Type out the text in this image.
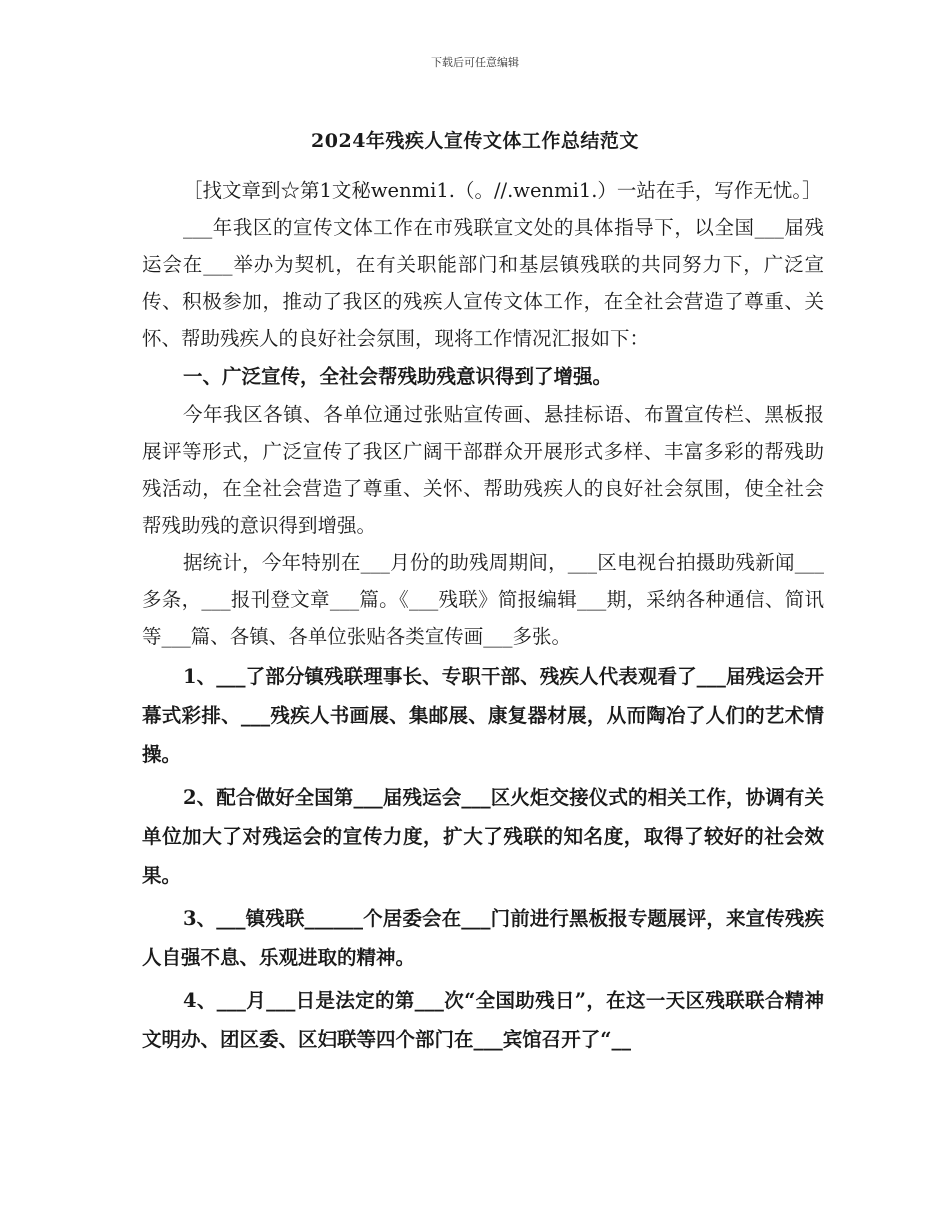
下载后可任意编辑
2024年残疾人宣传文体工作总结范文

［找文章到☆第1文秘wenmi1.（。//.wenmi1.）一站在手，写作无忧。］

___年我区的宣传文体工作在市残联宣文处的具体指导下，以全国___届残运会在___举办为契机，在有关职能部门和基层镇残联的共同努力下，广泛宣传、积极参加，推动了我区的残疾人宣传文体工作，在全社会营造了尊重、关怀、帮助残疾人的良好社会氛围，现将工作情况汇报如下：

一、广泛宣传，全社会帮残助残意识得到了增强。

今年我区各镇、各单位通过张贴宣传画、悬挂标语、布置宣传栏、黑板报展评等形式，广泛宣传了我区广阔干部群众开展形式多样、丰富多彩的帮残助残活动，在全社会营造了尊重、关怀、帮助残疾人的良好社会氛围，使全社会帮残助残的意识得到增强。

据统计，今年特别在___月份的助残周期间，___区电视台拍摄助残新闻___多条，___报刊登文章___篇。《___残联》简报编辑___期，采纳各种通信、简讯等___篇、各镇、各单位张贴各类宣传画___多张。

1、___了部分镇残联理事长、专职干部、残疾人代表观看了___届残运会开幕式彩排、___残疾人书画展、集邮展、康复器材展，从而陶冶了人们的艺术情操。

2、配合做好全国第___届残运会___区火炬交接仪式的相关工作，协调有关单位加大了对残运会的宣传力度，扩大了残联的知名度，取得了较好的社会效果。

3、___镇残联______个居委会在___门前进行黑板报专题展评，来宣传残疾人自强不息、乐观进取的精神。

4、___月___日是法定的第___次“全国助残日”，在这一天区残联联合精神文明办、团区委、区妇联等四个部门在___宾馆召开了“__
